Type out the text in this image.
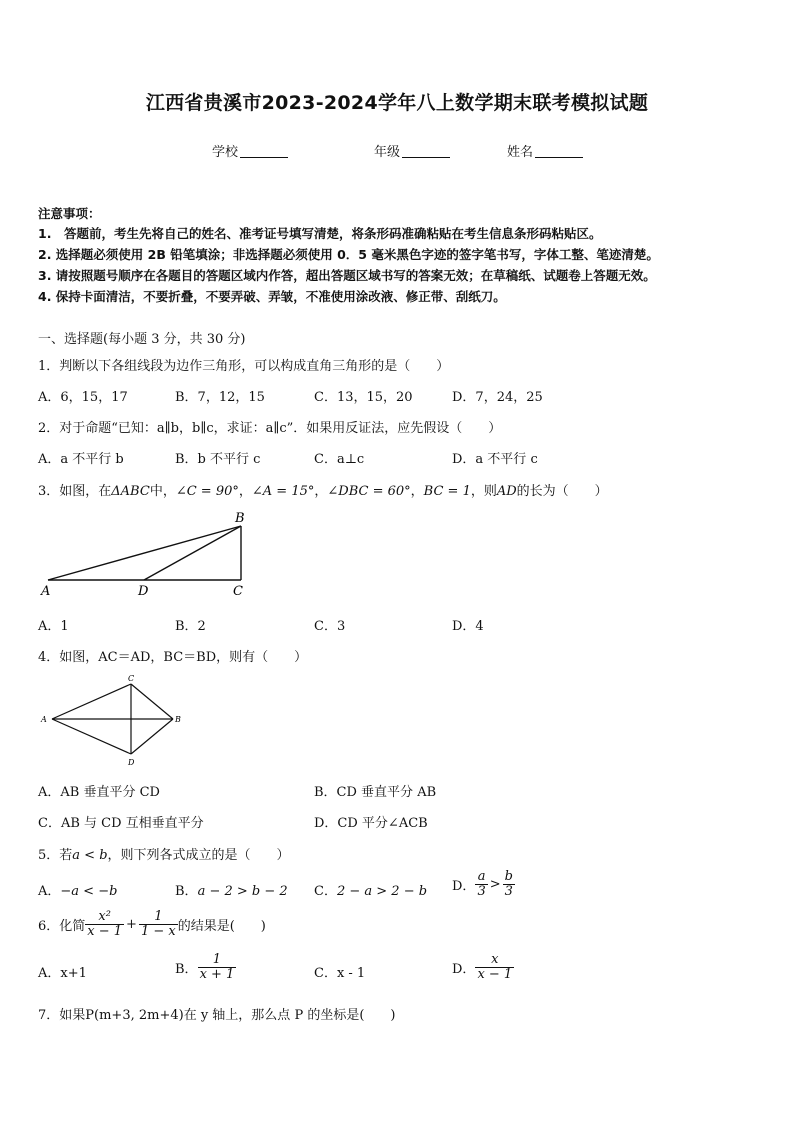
江西省贵溪市2023-2024学年八上数学期末联考模拟试题
学校	年级	姓名
注意事项：
1.　答题前，考生先将自己的姓名、准考证号填写清楚，将条形码准确粘贴在考生信息条形码粘贴区。
2. 选择题必须使用 2B 铅笔填涂；非选择题必须使用 0．5 毫米黑色字迹的签字笔书写，字体工整、笔迹清楚。
3. 请按照题号顺序在各题目的答题区域内作答，超出答题区域书写的答案无效；在草稿纸、试题卷上答题无效。
4. 保持卡面清洁，不要折叠，不要弄破、弄皱，不准使用涂改液、修正带、刮纸刀。
一、选择题(每小题 3 分，共 30 分)
1．判断以下各组线段为边作三角形，可以构成直角三角形的是（　　）
A．6，15，17	B．7，12，15	C．13，15，20	D．7，24，25
2．对于命题“已知：a∥b，b∥c，求证：a∥c”．如果用反证法，应先假设（　　）
A．a 不平行 b	B．b 不平行 c	C．a⊥c	D．a 不平行 c
3．如图，在ΔABC中，∠C = 90°，∠A = 15°，∠DBC = 60°，BC = 1，则AD的长为（　　）
A
B
C
D
A．1	B．2	C．3	D．4
4．如图，AC＝AD，BC＝BD，则有（　　）
A	B
C
D
A．AB 垂直平分 CD	B．CD 垂直平分 AB
C．AB 与 CD 互相垂直平分	D．CD 平分∠ACB
5．若a < b，则下列各式成立的是（　　）
A．−a < −b	B．a − 2 > b − 2 C．2 − a > 2 − b D． $\frac{a}{3} > \frac{b}{3}$
6．化简 $\frac{\text{x²}}{x - 1} + \frac{1}{1 - x}$ 的结果是(　　)
A．x+1	B． $\frac{1}{x + 1}$	C．x - 1	D． $\frac{x}{x - 1}$
7．如果P(m+3, 2m+4)在 y 轴上，那么点 P 的坐标是(　　)
